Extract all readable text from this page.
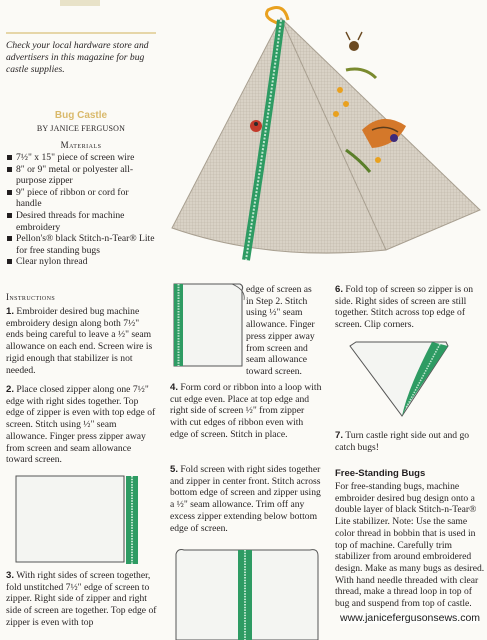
Check your local hardware store and advertisers in this magazine for bug castle supplies.
Bug Castle
BY JANICE FERGUSON
Materials
7½" x 15" piece of screen wire
8" or 9" metal or polyester all-purpose zipper
9" piece of ribbon or cord for handle
Desired threads for machine embroidery
Pellon's® black Stitch-n-Tear® Lite for free standing bugs
Clear nylon thread
Instructions
1. Embroider desired bug machine embroidery design along both 7½" ends being careful to leave a ½" seam allowance on each end. Screen wire is rigid enough that stabilizer is not needed.
2. Place closed zipper along one 7½" edge with right sides together. Top edge of zipper is even with top edge of screen. Stitch using ½" seam allowance. Finger press zipper away from screen and seam allowance toward screen.
3. With right sides of screen together, fold unstitched 7½" edge of screen to zipper. Right side of zipper and right side of screen are together. Top edge of zipper is even with top
edge of screen as in Step 2. Stitch using ½" seam allowance. Finger press zipper away from screen and seam allowance toward screen.
4. Form cord or ribbon into a loop with cut edge even. Place at top edge and right side of screen ½" from zipper with cut edges of ribbon even with edge of screen. Stitch in place.
5. Fold screen with right sides together and zipper in center front. Stitch across bottom edge of screen and zipper using a ½" seam allowance. Trim off any excess zipper extending below bottom edge of screen.
6. Fold top of screen so zipper is on side. Right sides of screen are still together. Stitch across top edge of screen. Clip corners.
7. Turn castle right side out and go catch bugs!
Free-Standing Bugs
For free-standing bugs, machine embroider desired bug design onto a double layer of black Stitch-n-Tear® Lite stabilizer. Note: Use the same color thread in bobbin that is used in top of machine. Carefully trim stabilizer from around embroidered design. Make as many bugs as desired. With hand needle threaded with clear thread, make a thread loop in top of bug and suspend from top of castle.
www.janicefergusonsews.com
